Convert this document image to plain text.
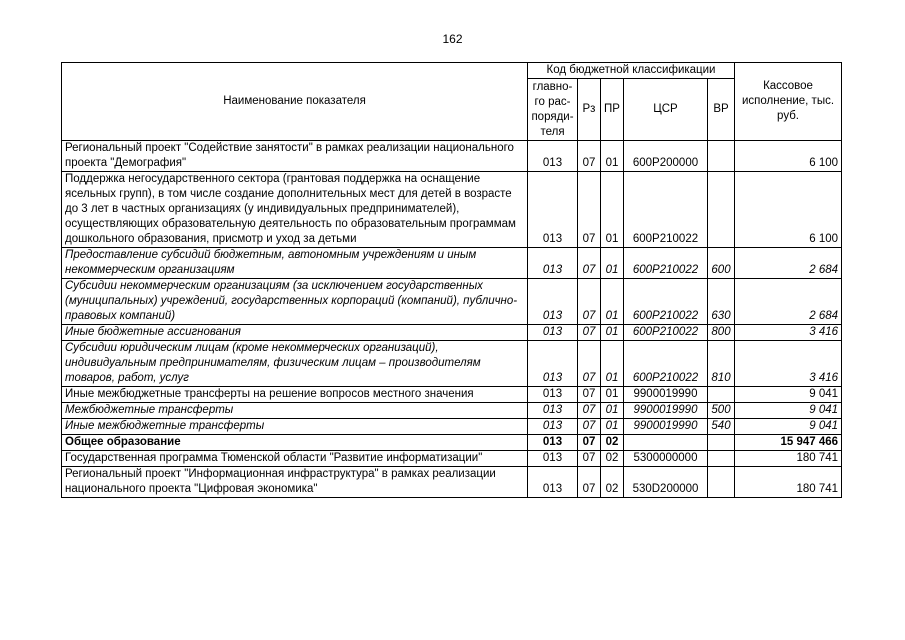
162
Наименование показателя	Код бюджетной классификации					Кассовое исполнение, тыс. руб.
	главно-
го рас-
поряди-
теля	Рз	ПР	ЦСР	ВР	
Региональный проект "Содействие занятости" в рамках реализации национального проекта "Демография"	013	07	01	600P200000		6 100
Поддержка негосударственного сектора (грантовая поддержка на оснащение ясельных групп), в том числе создание дополнительных мест для детей в возрасте до 3 лет в частных организациях (у индивидуальных предпринимателей), осуществляющих образовательную деятельность по образовательным программам дошкольного образования, присмотр и уход за детьми	013	07	01	600P210022		6 100
Предоставление субсидий бюджетным, автономным учреждениям и иным некоммерческим организациям	013	07	01	600P210022	600	2 684
Субсидии некоммерческим организациям (за исключением государственных (муниципальных) учреждений, государственных корпораций (компаний), публично-правовых компаний)	013	07	01	600P210022	630	2 684
Иные бюджетные ассигнования	013	07	01	600P210022	800	3 416
Субсидии юридическим лицам (кроме некоммерческих организаций), индивидуальным предпринимателям, физическим лицам – производителям товаров, работ, услуг	013	07	01	600P210022	810	3 416
Иные межбюджетные трансферты на решение вопросов местного значения	013	07	01	9900019990		9 041
Межбюджетные трансферты	013	07	01	9900019990	500	9 041
Иные межбюджетные трансферты	013	07	01	9900019990	540	9 041
Общее образование	013	07	02			15 947 466
Государственная программа Тюменской области "Развитие информатизации"	013	07	02	5300000000		180 741
Региональный проект "Информационная инфраструктура" в рамках реализации национального проекта "Цифровая экономика"	013	07	02	530D200000		180 741
